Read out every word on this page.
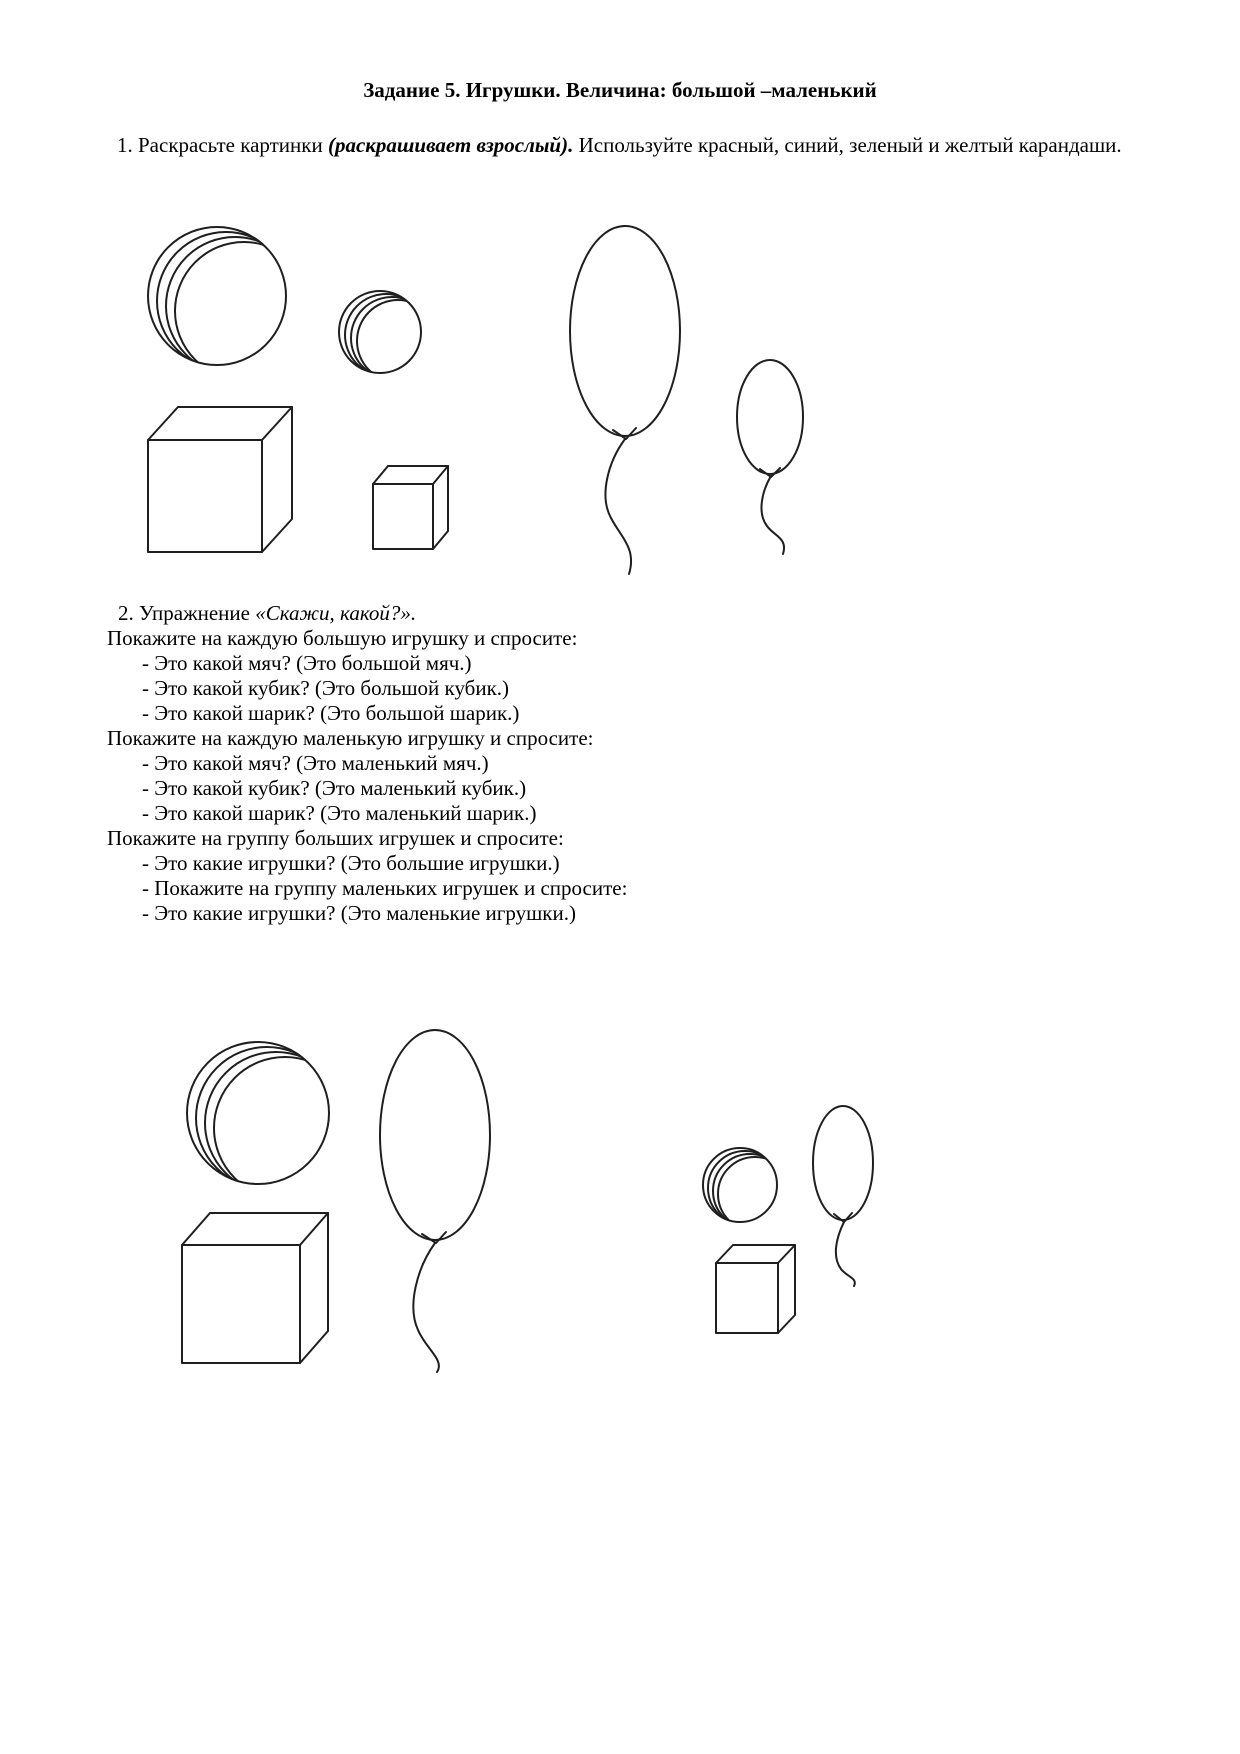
Задание 5. Игрушки. Величина: большой –маленький

1. Раскрасьте картинки (раскрашивает взрослый). Используйте красный, синий, зеленый и желтый карандаши.

2. Упражнение «Скажи, какой?».

Покажите на каждую большую игрушку и спросите:
- Это какой мяч? (Это большой мяч.)
- Это какой кубик? (Это большой кубик.)
- Это какой шарик? (Это большой шарик.)
Покажите на каждую маленькую игрушку и спросите:
- Это какой мяч? (Это маленький мяч.)
- Это какой кубик? (Это маленький кубик.)
- Это какой шарик? (Это маленький шарик.)
Покажите на группу больших игрушек и спросите:
- Это какие игрушки? (Это большие игрушки.)
- Покажите на группу маленьких игрушек и спросите:
- Это какие игрушки? (Это маленькие игрушки.)
